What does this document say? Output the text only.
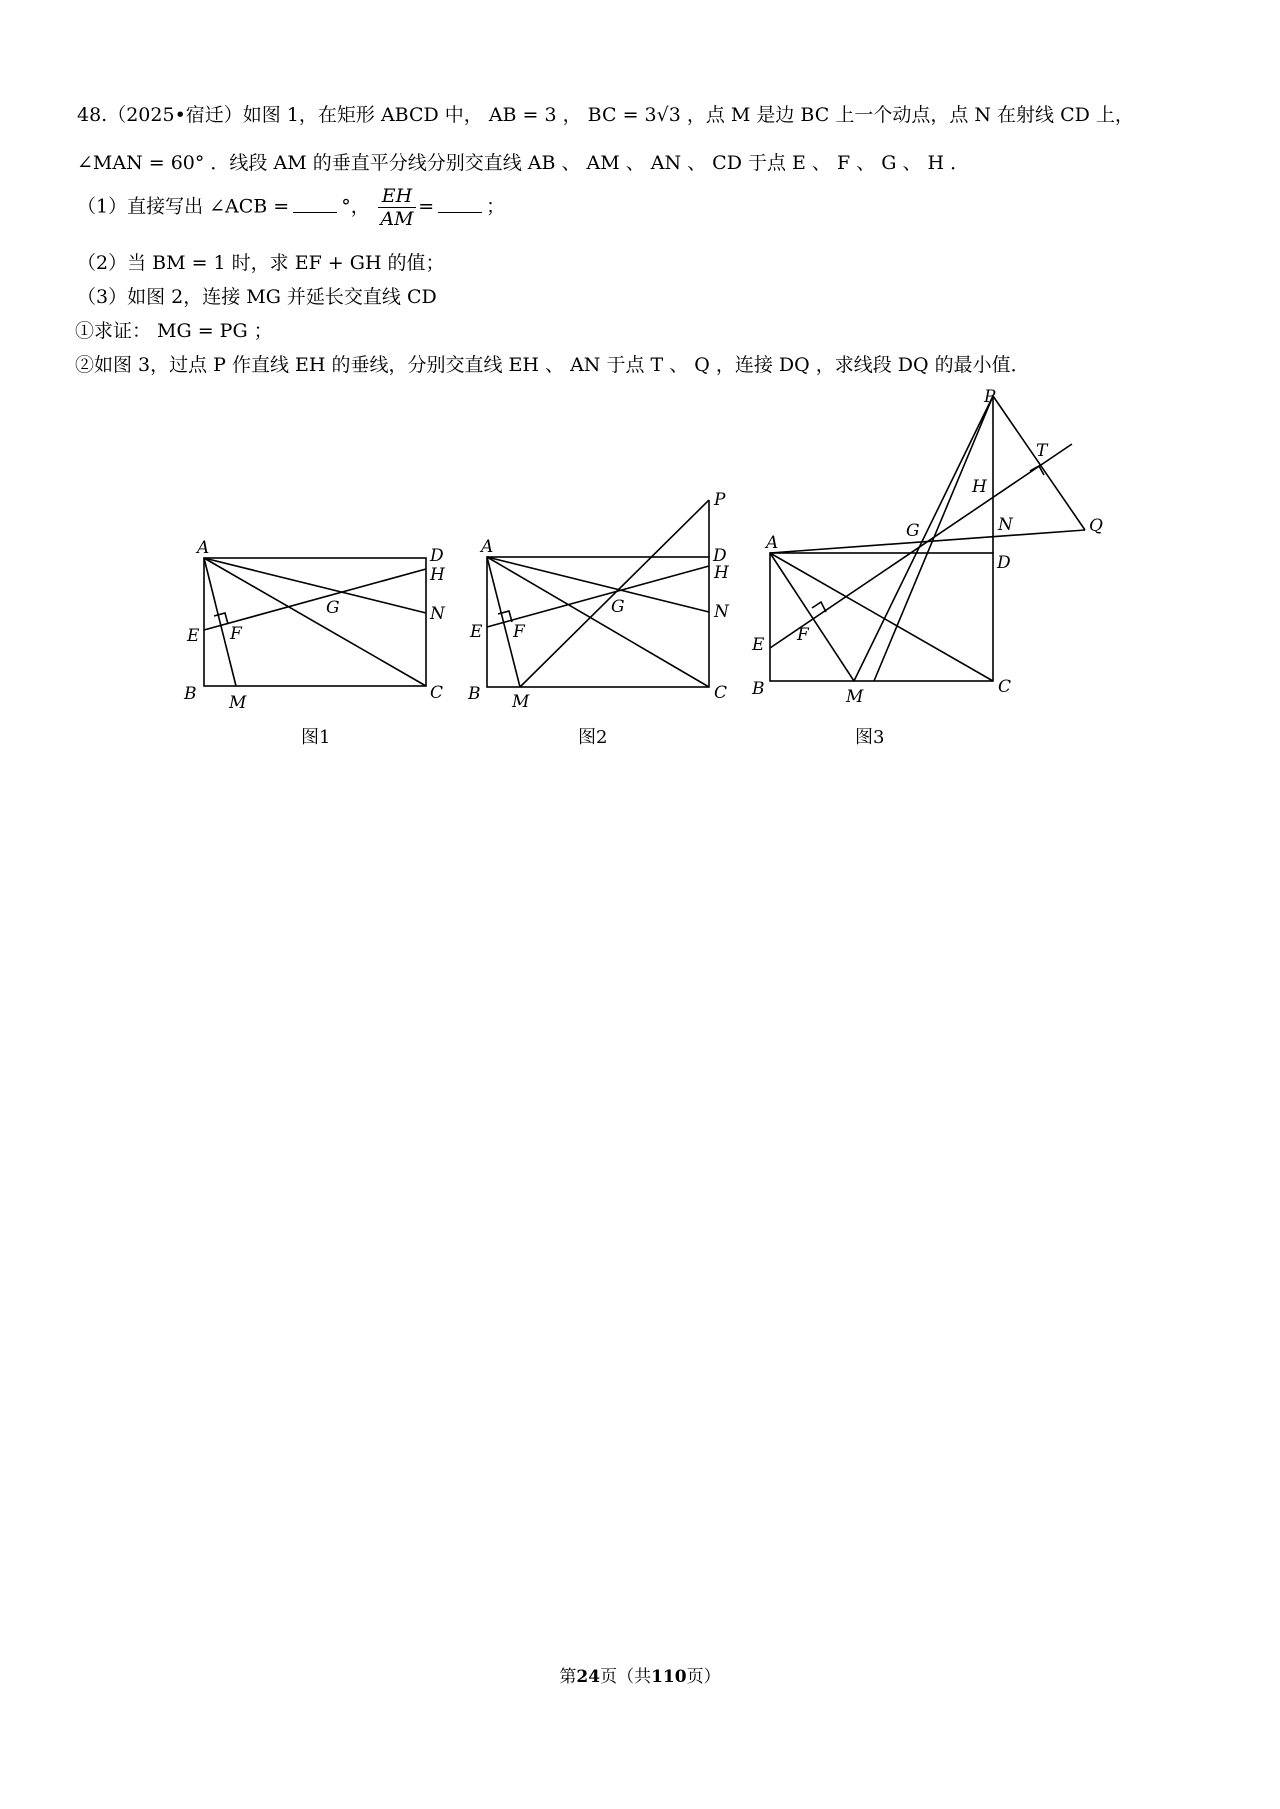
48.（2025•宿迁）如图 1，在矩形 ABCD 中， AB = 3 ， BC = 3√3 ，点 M 是边 BC 上一个动点，点 N 在射线 CD 上，
∠MAN = 60° ．线段 AM 的垂直平分线分别交直线 AB 、 AM 、 AN 、 CD 于点 E 、 F 、 G 、 H ．
（1）直接写出 ∠ACB =	°， $\frac{EH}{AM}$ =	；
（2）当 BM = 1 时，求 EF + GH 的值；
（3）如图 2，连接 MG 并延长交直线 CD
①求证： MG = PG ；
②如图 3，过点 P 作直线 EH 的垂线，分别交直线 EH 、 AN 于点 T 、 Q ，连接 DQ ，求线段 DQ 的最小值．
A
B	C
D
E F
G
H
M
N
A
B	C
D
E F
G
H
M
N
P
A
B	C
D
E F
G
H
M
N
P
T
Q
图1	图2	图3
第24页（共110页）
